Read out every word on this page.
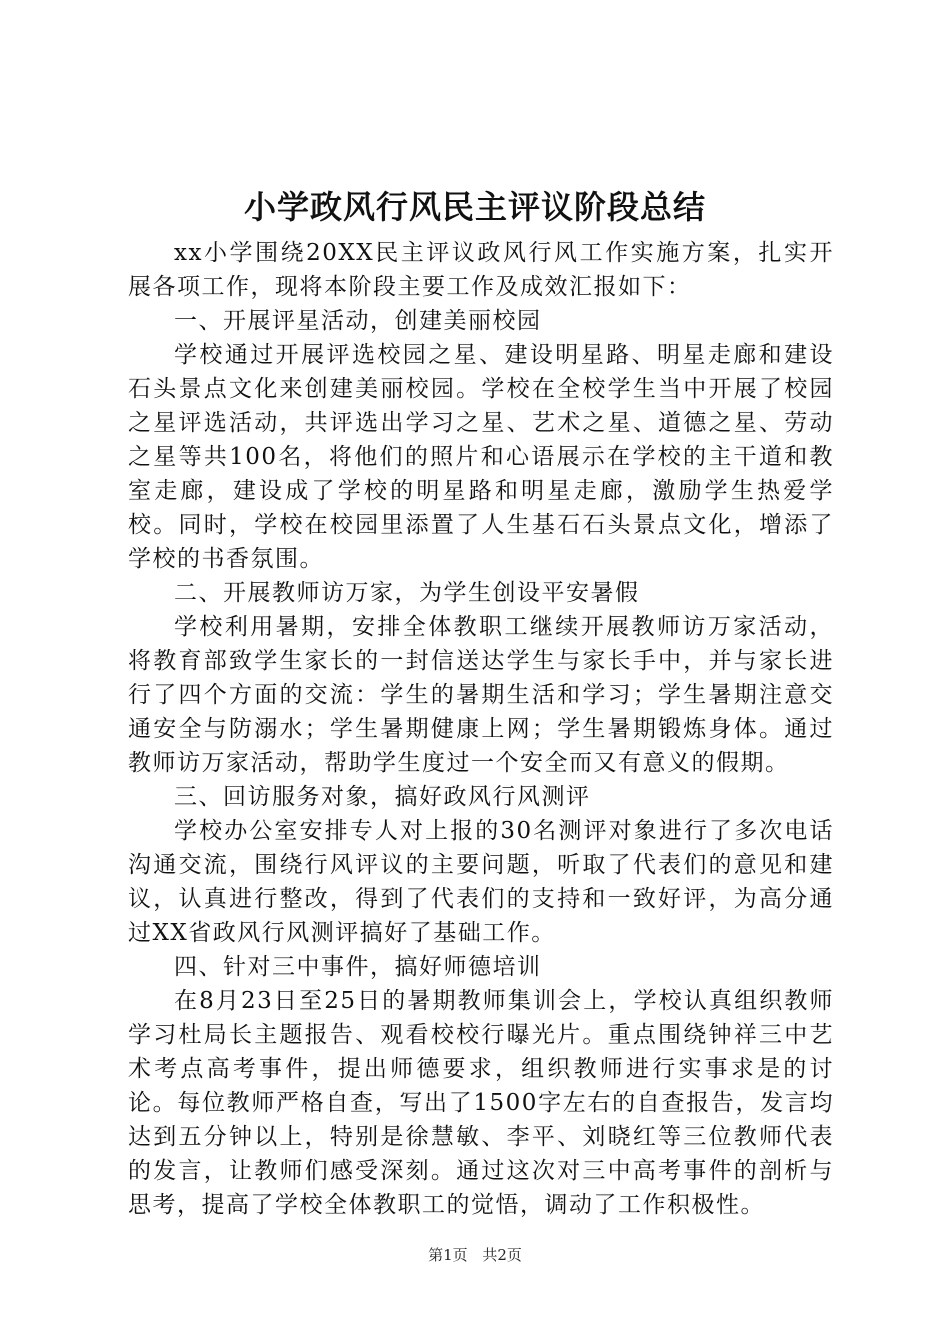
小学政风行风民主评议阶段总结

xx小学围绕20XX民主评议政风行风工作实施方案，扎实开展各项工作，现将本阶段主要工作及成效汇报如下：

一、开展评星活动，创建美丽校园

学校通过开展评选校园之星、建设明星路、明星走廊和建设石头景点文化来创建美丽校园。学校在全校学生当中开展了校园之星评选活动，共评选出学习之星、艺术之星、道德之星、劳动之星等共100名，将他们的照片和心语展示在学校的主干道和教室走廊，建设成了学校的明星路和明星走廊，激励学生热爱学校。同时，学校在校园里添置了人生基石石头景点文化，增添了学校的书香氛围。

二、开展教师访万家，为学生创设平安暑假

学校利用暑期，安排全体教职工继续开展教师访万家活动，将教育部致学生家长的一封信送达学生与家长手中，并与家长进行了四个方面的交流：学生的暑期生活和学习；学生暑期注意交通安全与防溺水；学生暑期健康上网；学生暑期锻炼身体。通过教师访万家活动，帮助学生度过一个安全而又有意义的假期。

三、回访服务对象，搞好政风行风测评

学校办公室安排专人对上报的30名测评对象进行了多次电话沟通交流，围绕行风评议的主要问题，听取了代表们的意见和建议，认真进行整改，得到了代表们的支持和一致好评，为高分通过XX省政风行风测评搞好了基础工作。

四、针对三中事件，搞好师德培训

在8月23日至25日的暑期教师集训会上，学校认真组织教师学习杜局长主题报告、观看校校行曝光片。重点围绕钟祥三中艺术考点高考事件，提出师德要求，组织教师进行实事求是的讨论。每位教师严格自查，写出了1500字左右的自查报告，发言均达到五分钟以上，特别是徐慧敏、李平、刘晓红等三位教师代表的发言，让教师们感受深刻。通过这次对三中高考事件的剖析与思考，提高了学校全体教职工的觉悟，调动了工作积极性。

第1页 共2页
